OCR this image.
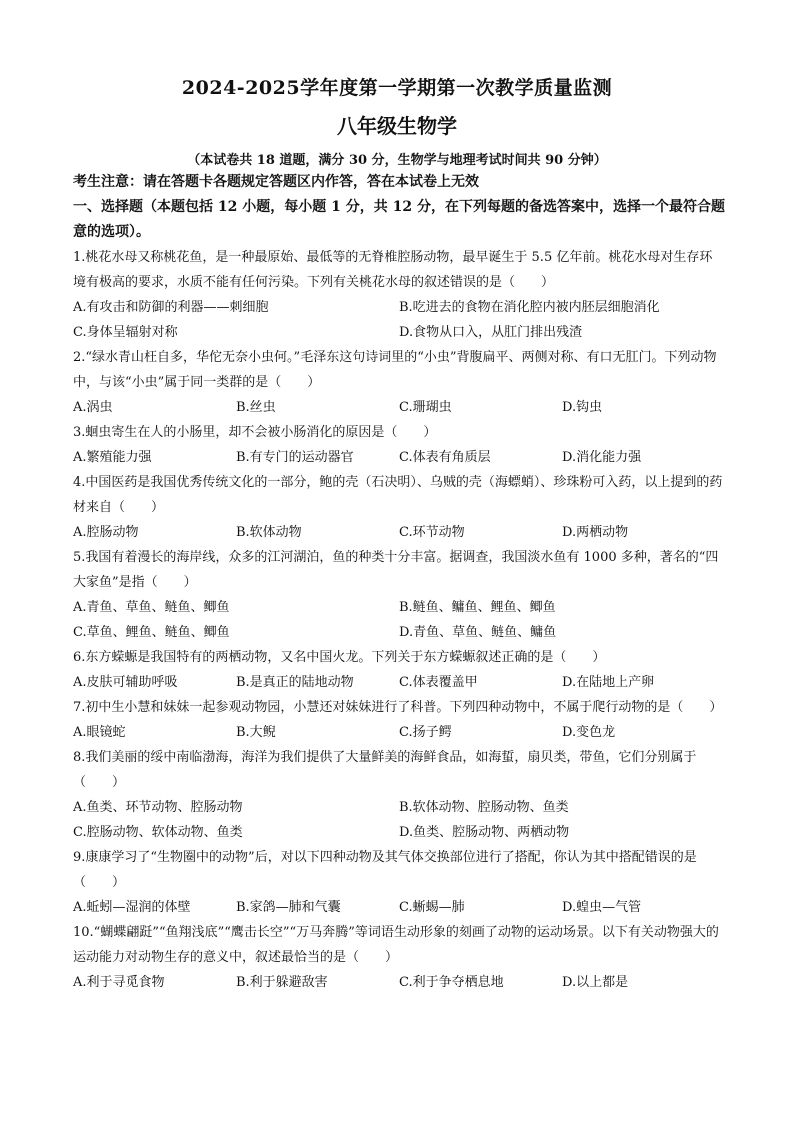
2024-2025学年度第一学期第一次教学质量监测
八年级生物学
（本试卷共 18 道题，满分 30 分，生物学与地理考试时间共 90 分钟）
考生注意：请在答题卡各题规定答题区内作答，答在本试卷上无效
一、选择题（本题包括 12 小题，每小题 1 分，共 12 分，在下列每题的备选答案中，选择一个最符合题意的选项）。
1.桃花水母又称桃花鱼，是一种最原始、最低等的无脊椎腔肠动物，最早诞生于 5.5 亿年前。桃花水母对生存环境有极高的要求，水质不能有任何污染。下列有关桃花水母的叙述错误的是（　　）
A.有攻击和防御的利器——刺细胞	B.吃进去的食物在消化腔内被内胚层细胞消化
C.身体呈辐射对称	D.食物从口入，从肛门排出残渣
2.“绿水青山枉自多，华佗无奈小虫何。”毛泽东这句诗词里的“小虫”背腹扁平、两侧对称、有口无肛门。下列动物中，与该“小虫”属于同一类群的是（　　）
A.涡虫	B.丝虫	C.珊瑚虫	D.钩虫
3.蛔虫寄生在人的小肠里，却不会被小肠消化的原因是（　　）
A.繁殖能力强	B.有专门的运动器官	C.体表有角质层	D.消化能力强
4.中国医药是我国优秀传统文化的一部分，鲍的壳（石决明）、乌贼的壳（海螵蛸）、珍珠粉可入药，以上提到的药材来自（　　）
A.腔肠动物	B.软体动物	C.环节动物	D.两栖动物
5.我国有着漫长的海岸线，众多的江河湖泊，鱼的种类十分丰富。据调查，我国淡水鱼有 1000 多种，著名的“四大家鱼”是指（　　）
A.青鱼、草鱼、鲢鱼、鲫鱼	B.鲢鱼、鳙鱼、鲤鱼、鲫鱼
C.草鱼、鲤鱼、鲢鱼、鲫鱼	D.青鱼、草鱼、鲢鱼、鳙鱼
6.东方蝾螈是我国特有的两栖动物，又名中国火龙。下列关于东方蝾螈叙述正确的是（　　）
A.皮肤可辅助呼吸	B.是真正的陆地动物	C.体表覆盖甲	D.在陆地上产卵
7.初中生小慧和妹妹一起参观动物园，小慧还对妹妹进行了科普。下列四种动物中，不属于爬行动物的是（　　）
A.眼镜蛇	B.大鲵	C.扬子鳄	D.变色龙
8.我们美丽的绥中南临渤海，海洋为我们提供了大量鲜美的海鲜食品，如海蜇，扇贝类，带鱼，它们分别属于（　　）
A.鱼类、环节动物、腔肠动物	B.软体动物、腔肠动物、鱼类
C.腔肠动物、软体动物、鱼类	D.鱼类、腔肠动物、两栖动物
9.康康学习了“生物圈中的动物”后，对以下四种动物及其气体交换部位进行了搭配，你认为其中搭配错误的是（　　）
A.蚯蚓—湿润的体壁	B.家鸽—肺和气囊	C.蜥蜴—肺	D.蝗虫—气管
10.“蝴蝶翩跹”“鱼翔浅底”“鹰击长空”“万马奔腾”等词语生动形象的刻画了动物的运动场景。以下有关动物强大的运动能力对动物生存的意义中，叙述最恰当的是（　　）
A.利于寻觅食物	B.利于躲避敌害	C.利于争夺栖息地	D.以上都是
